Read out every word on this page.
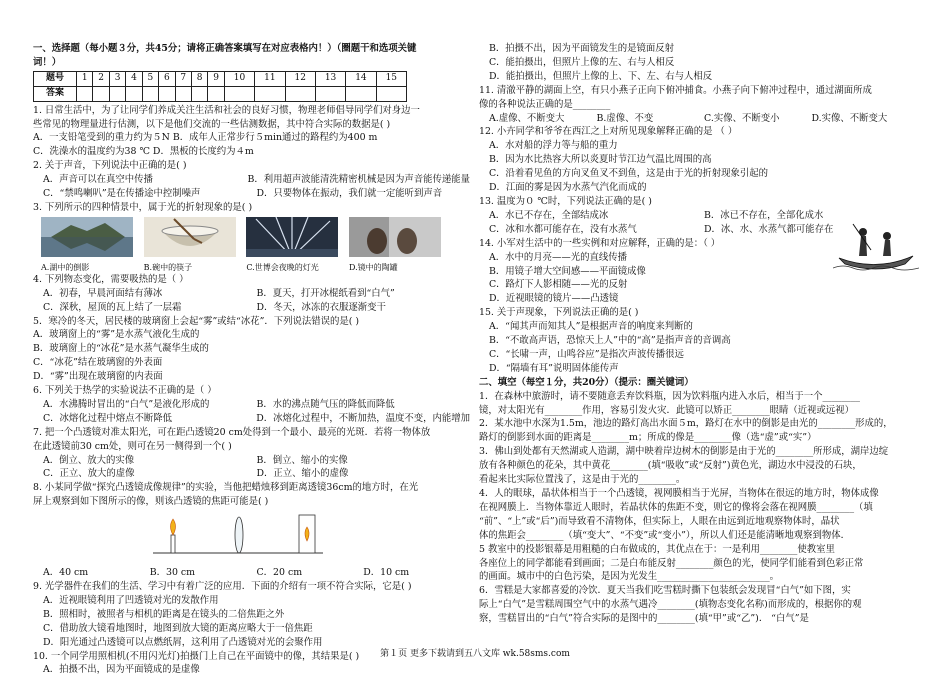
一、选择题（每小题３分，共45分；请将正确答案填写在对应表格内！）（圈题干和选项关键
词！）
题号	1	2	3	4	5	6	7	8	9	10	11	12	13	14	15
答案															
1. 日常生活中，为了让同学们养成关注生活和社会的良好习惯，物理老师倡导同学们对身边一
些常见的物理量进行估测，以下是他们交流的一些估测数据，其中符合实际的数据是( )
A．一支铅笔受到的重力约为５N B．成年人正常步行５min通过的路程约为400 m
C．洗澡水的温度约为38 ℃ D．黑板的长度约为４m
2. 关于声音，下列说法中正确的是( )
A．声音可以在真空中传播	B．利用超声波能清洗精密机械是因为声音能传递能量
C．“禁鸣喇叭”是在传播途中控制噪声	D．只要物体在振动，我们就一定能听到声音
3. 下列所示的四种情景中，属于光的折射现象的是( )
A.湖中的倒影	B.碗中的筷子	C.世博会夜晚的灯光	D.镜中的陶罐
4. 下列物态变化，需要吸热的是（ ）
A．初春，早晨河面结有薄冰	B．夏天，打开冰棍纸看到“白气”
C．深秋，屋顶的瓦上结了一层霜	D．冬天，冰冻的衣服逐渐变干
5．寒冷的冬天，居民楼的玻璃窗上会起“雾”或结“冰花”．下列说法错误的是( )
A．玻璃窗上的“雾”是水蒸气液化生成的
B．玻璃窗上的“冰花”是水蒸气凝华生成的
C．“冰花”结在玻璃窗的外表面
D．“雾”出现在玻璃窗的内表面
6. 下列关于热学的实验说法不正确的是（ ）
A．水沸腾时冒出的“白气”是液化形成的	B．水的沸点随气压的降低而降低
C．冰熔化过程中熔点不断降低	D．冰熔化过程中，不断加热，温度不变，内能增加
7. 把一个凸透镜对准太阳光，可在距凸透镜20 cm处得到一个最小、最亮的光斑．若将一物体放
在此透镜前30 cm处，则可在另一侧得到一个( )
A．倒立、放大的实像	B．倒立、缩小的实像
C．正立、放大的虚像	D．正立、缩小的虚像
8. 小某同学做“探究凸透镜成像规律”的实验，当他把蜡烛移到距离透镜36cm的地方时，在光
屏上观察到如下图所示的像，则该凸透镜的焦距可能是( )
A．40 cm	B．30 cm	C．20 cm	D．10 cm
9. 光学器件在我们的生活、学习中有着广泛的应用．下面的介绍有一项不符合实际，它是( )
A．近视眼镜利用了凹透镜对光的发散作用
B．照相时，被照者与相机的距离是在镜头的二倍焦距之外
C．借助放大镜看地图时，地图到放大镜的距离应略大于一倍焦距
D．阳光通过凸透镜可以点燃纸屑，这利用了凸透镜对光的会聚作用
10. 一个同学用照相机(不用闪光灯)拍摄门上自己在平面镜中的像，其结果是( )
A．拍摄不出，因为平面镜成的是虚像
B．拍摄不出，因为平面镜发生的是镜面反射
C．能拍摄出，但照片上像的左、右与人相反
D．能拍摄出，但照片上像的上、下、左、右与人相反
11. 清澈平静的湖面上空，有只小燕子正向下俯冲捕食。小燕子向下俯冲过程中，通过湖面所成
像的各种说法正确的是________
A.虚像、不断变大	B.虚像、不变	C.实像、不断变小	D.实像、不断变大
12. 小卉同学和爷爷在西江之上对所见现象解释正确的是 （ ）
A．水对船的浮力等与船的重力
B．因为水比热容大所以炎夏时节江边气温比周围的高
C．沿着看见鱼的方向叉鱼叉不到鱼，这是由于光的折射现象引起的
D．江面的雾是因为水蒸气汽化而成的
13. 温度为０ ℃时，下列说法正确的是( )
A．水已不存在，全部结成冰	B．冰已不存在，全部化成水
C．冰和水都可能存在，没有水蒸气	D．冰、水、水蒸气都可能存在
14. 小军对生活中的一些实例和对应解释，正确的是：（ ）
A．水中的月亮——光的直线传播
B．用镜子增大空间感——平面镜成像
C．路灯下人影相随——光的反射
D．近视眼镜的镜片——凸透镜
15. 关于声现象，下列说法正确的是( )
A．“闻其声而知其人”是根据声音的响度来判断的
B．“不敢高声语，恐惊天上人”中的“高”是指声音的音调高
C．“长啸一声，山鸣谷应”是指次声波传播很远
D．“隔墙有耳”说明固体能传声
二、填空（每空１分，共20分）（提示：圈关键词）
1．在森林中旅游时，请不要随意丢弃饮料瓶，因为饮料瓶内进入水后，相当于一个________
镜，对太阳光有________作用，容易引发火灾．此镜可以矫正________眼睛（近视或远视）
2．某水池中水深为1.5m，池边的路灯高出水面５m，路灯在水中的倒影是由光的________形成的，
路灯的倒影到水面的距离是________m；所成的像是________像（选“虚”或“实”）
3．佛山到处都有天然湖或人造湖，湖中映着岸边树木的倒影是由于光的________所形成，湖岸边绽
放有各种颜色的花朵，其中黄花________(填“吸收”或“反射”)黄色光，湖边水中浸没的石块，
看起来比实际位置浅了，这是由于光的________。
4．人的眼球，晶状体相当于一个凸透镜，视网膜相当于光屏，当物体在很远的地方时，物体成像
在视网膜上．当物体靠近人眼时，若晶状体的焦距不变，则它的像将会落在视网膜________（填
“前”、“上”或“后”)而导致看不清物体，但实际上，人眼在由远到近地观察物体时，晶状
体的焦距会________（填“变大”、“不变”或“变小”），所以人们还是能清晰地观察到物体．
5 教室中的投影银幕是用粗糙的白布做成的，其优点在于：一是利用________使教室里
各座位上的同学都能看到画面；二是白布能反射________颜色的光，使同学们能看到色彩正常
的画面。城市中的白色污染，是因为光发生________________________。
6．雪糕是大家都喜爱的冷饮．夏天当我们吃雪糕时撕下包装纸会发现冒“白气”如下图，实
际上“白气”是雪糕周围空气中的水蒸气遇冷________(填物态变化名称)而形成的，根据你的观
察，雪糕冒出的“白气”符合实际的是图中的________(填“甲”或“乙”)． “白气”是
第１页 更多下载请到五八文库 wk.58sms.com
